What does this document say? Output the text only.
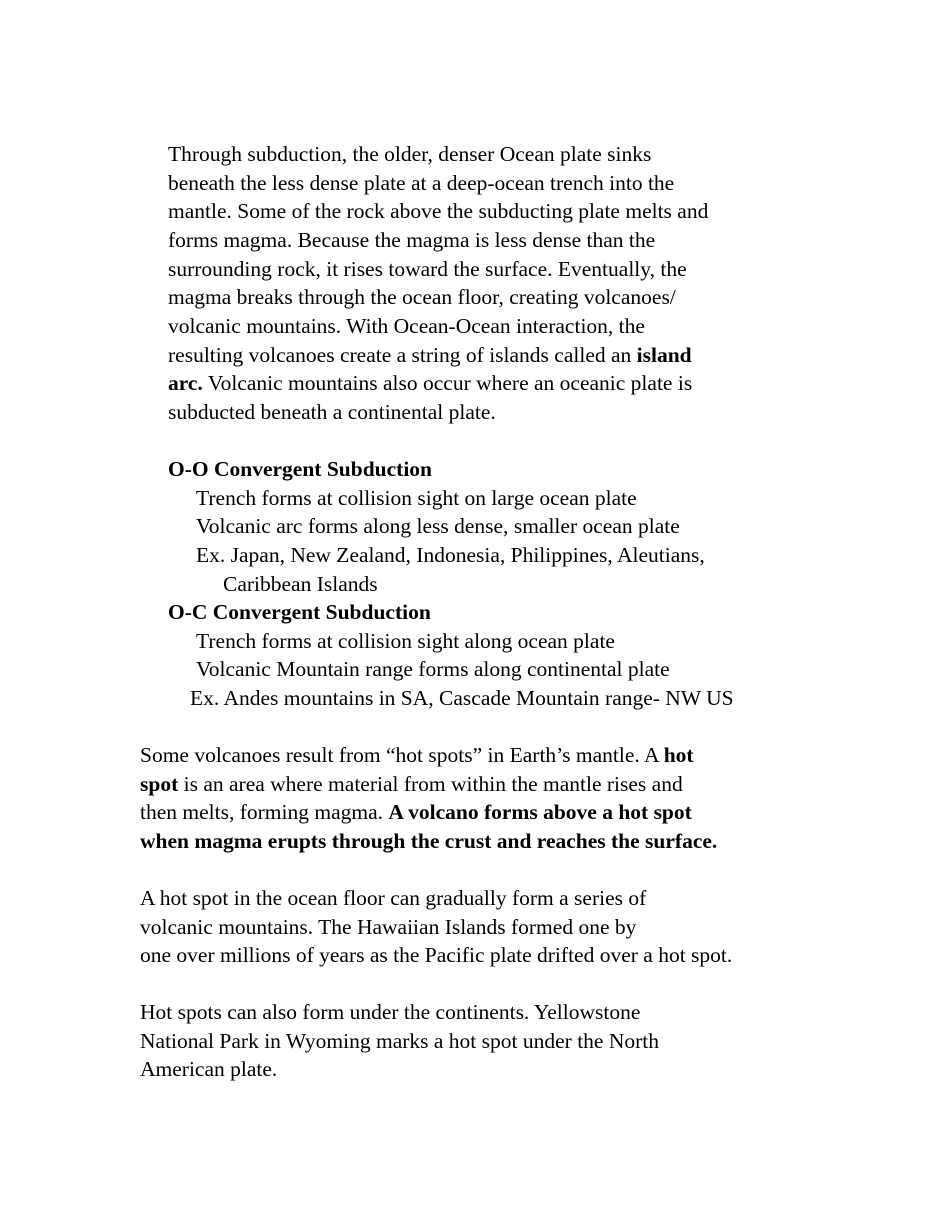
Through subduction, the older, denser Ocean plate sinks

beneath the less dense plate at a deep-ocean trench into the

mantle. Some of the rock above the subducting plate melts and

forms magma. Because the magma is less dense than the

surrounding rock, it rises toward the surface. Eventually, the

magma breaks through the ocean floor, creating volcanoes/

volcanic mountains. With Ocean-Ocean interaction, the

resulting volcanoes create a string of islands called an island

arc. Volcanic mountains also occur where an oceanic plate is

subducted beneath a continental plate.

O-O Convergent Subduction

Trench forms at collision sight on large ocean plate

Volcanic arc forms along less dense, smaller ocean plate

Ex. Japan, New Zealand, Indonesia, Philippines, Aleutians,

Caribbean Islands

O-C Convergent Subduction

Trench forms at collision sight along ocean plate

Volcanic Mountain range forms along continental plate

Ex. Andes mountains in SA, Cascade Mountain range- NW US

Some volcanoes result from “hot spots” in Earth’s mantle. A hot

spot is an area where material from within the mantle rises and

then melts, forming magma. A volcano forms above a hot spot

when magma erupts through the crust and reaches the surface.

A hot spot in the ocean floor can gradually form a series of

volcanic mountains. The Hawaiian Islands formed one by

one over millions of years as the Pacific plate drifted over a hot spot.

Hot spots can also form under the continents. Yellowstone

National Park in Wyoming marks a hot spot under the North

American plate.
